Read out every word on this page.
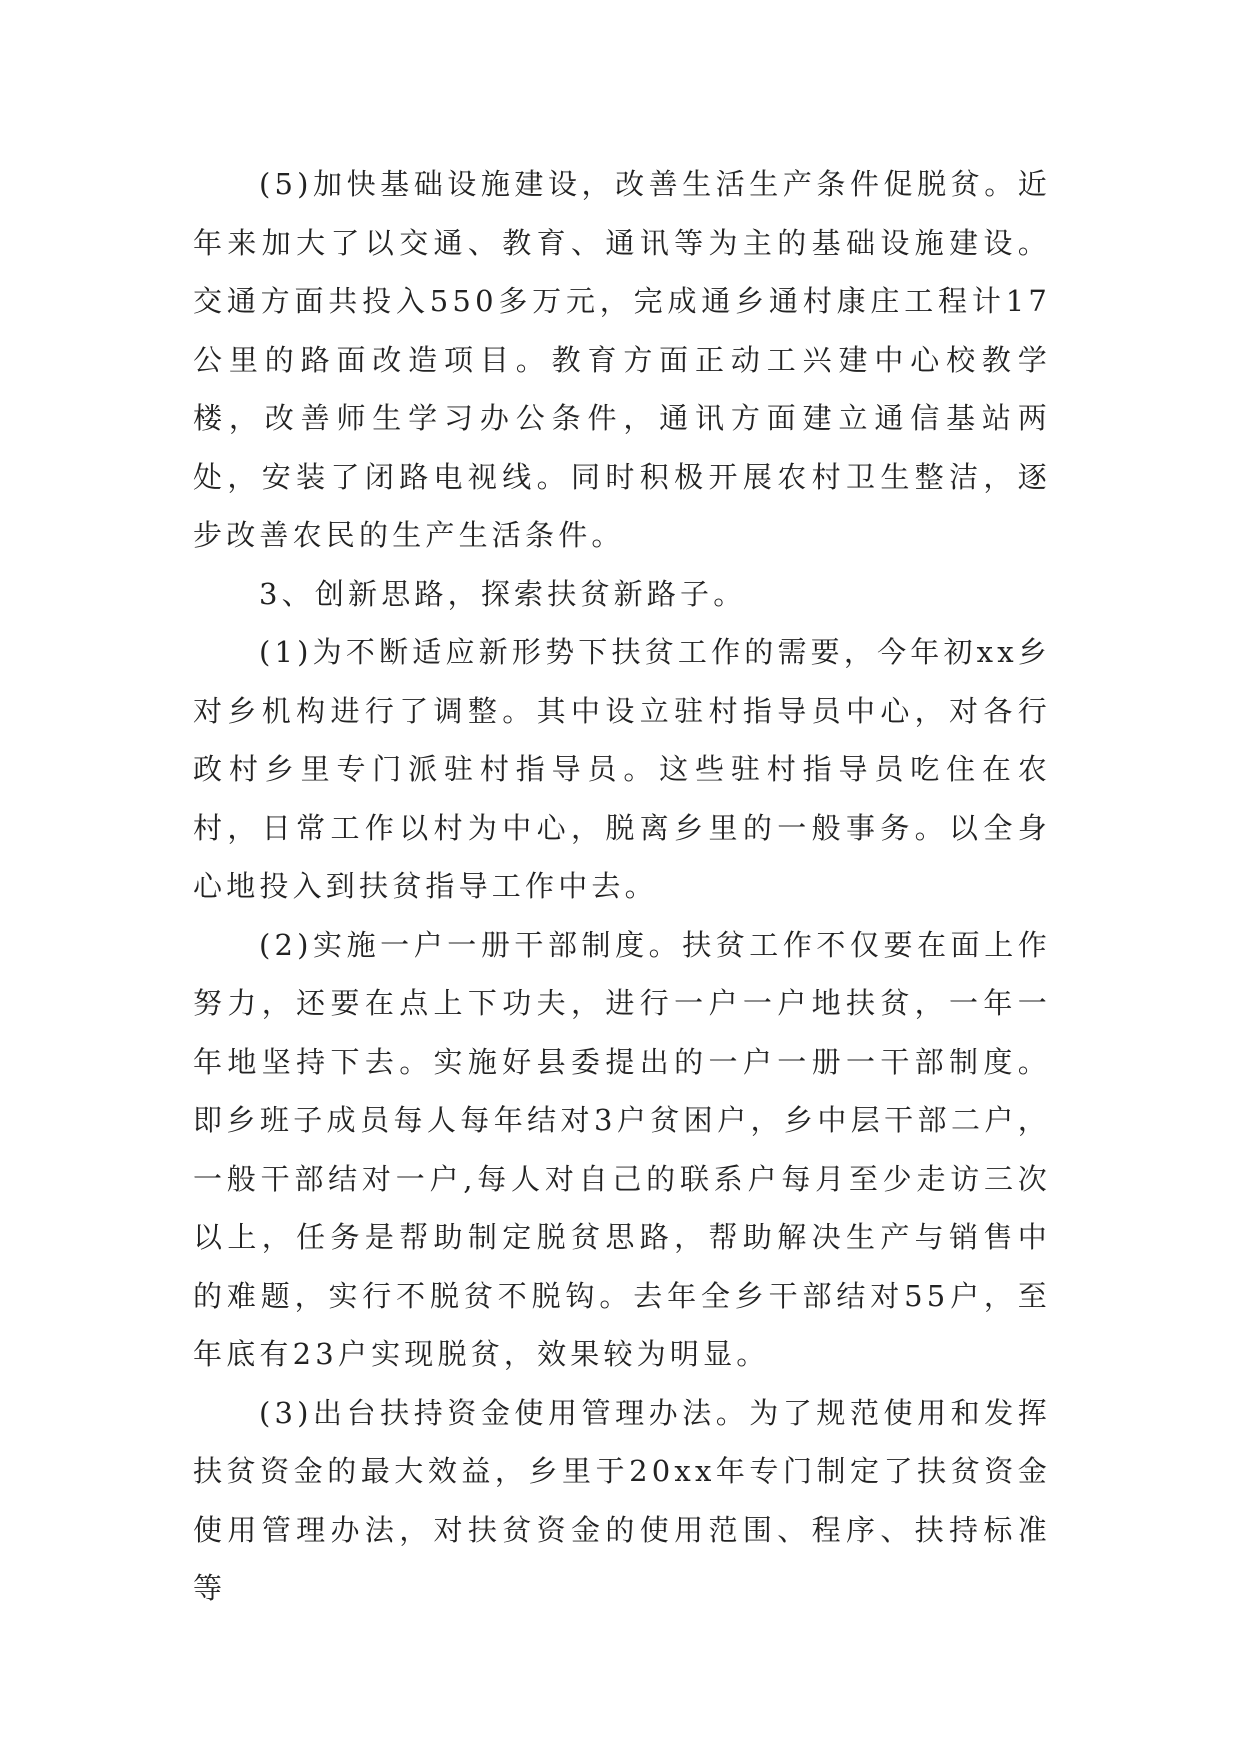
(5)加快基础设施建设，改善生活生产条件促脱贫。近年来加大了以交通、教育、通讯等为主的基础设施建设。交通方面共投入550多万元，完成通乡通村康庄工程计17公里的路面改造项目。教育方面正动工兴建中心校教学楼，改善师生学习办公条件，通讯方面建立通信基站两处，安装了闭路电视线。同时积极开展农村卫生整洁，逐步改善农民的生产生活条件。

3、创新思路，探索扶贫新路子。

(1)为不断适应新形势下扶贫工作的需要，今年初xx乡对乡机构进行了调整。其中设立驻村指导员中心，对各行政村乡里专门派驻村指导员。这些驻村指导员吃住在农村，日常工作以村为中心，脱离乡里的一般事务。以全身心地投入到扶贫指导工作中去。

(2)实施一户一册干部制度。扶贫工作不仅要在面上作努力，还要在点上下功夫，进行一户一户地扶贫，一年一年地坚持下去。实施好县委提出的一户一册一干部制度。即乡班子成员每人每年结对3户贫困户，乡中层干部二户，一般干部结对一户,每人对自己的联系户每月至少走访三次以上，任务是帮助制定脱贫思路，帮助解决生产与销售中的难题，实行不脱贫不脱钩。去年全乡干部结对55户，至年底有23户实现脱贫，效果较为明显。

(3)出台扶持资金使用管理办法。为了规范使用和发挥扶贫资金的最大效益，乡里于20xx年专门制定了扶贫资金使用管理办法，对扶贫资金的使用范围、程序、扶持标准等
